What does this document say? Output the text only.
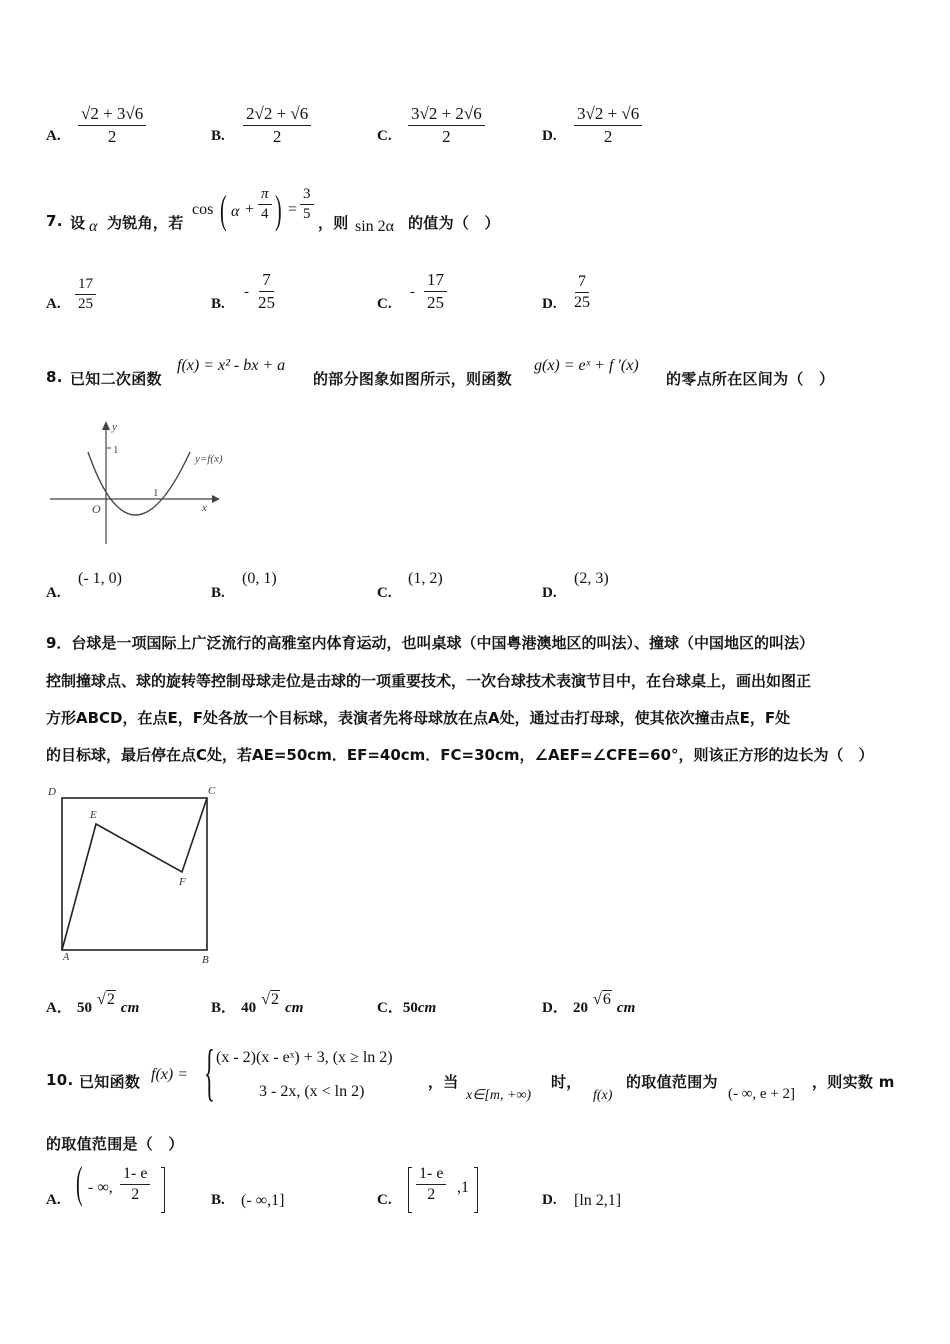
A. $\frac{√2 + 3√6}{2}$	B. $\frac{2√2 + √6}{2}$	C. $\frac{3√2 + 2√6}{2}$	D. $\frac{3√2 + √6}{2}$
7. 设 α 为锐角，若
cos ( $\alpha + \frac{\pi}{4}$ ) = $\frac{3}{5}$ ，则 sin 2α 的值为（　）
A. $\frac{17}{25}$	B.
- $\frac{7}{25}$	C.
- $\frac{17}{25}$	D. $\frac{7}{25}$
8. 已知二次函数
f(x) = x² - bx + a
的部分图象如图所示，则函数
g(x) = eˣ + f ′(x)
的零点所在区间为（　）
y
1
1
O	x
y=f(x)
A.
(- 1, 0)
B.
(0, 1)
C.
(1, 2)
D.
(2, 3)
9．台球是一项国际上广泛流行的高雅室内体育运动，也叫桌球（中国粤港澳地区的叫法）、撞球（中国地区的叫法）
控制撞球点、球的旋转等控制母球走位是击球的一项重要技术，一次台球技术表演节目中，在台球桌上，画出如图正
方形ABCD，在点E，F处各放一个目标球，表演者先将母球放在点A处，通过击打母球，使其依次撞击点E，F处
的目标球，最后停在点C处，若AE=50cm．EF=40cm．FC=30cm，∠AEF=∠CFE=60°，则该正方形的边长为（　）
D	C
E
F
A	B
A． 50 √2 cm	B． 40 √2 cm	C．50cm	D． 20 √6 cm
10. 已知函数 f(x) = { (x - 2)(x - eˣ) + 3, (x ≥ ln 2)
3 - 2x, (x < ln 2)
，当
x∈[m, +∞)
时，
f(x)
的取值范围为
(- ∞, e + 2]
，则实数 m
的取值范围是（　）
A. ( - ∞, $\frac{1- e}{2}$	B. (- ∞,1]	C. $\frac{1- e}{2} ,1$
D. [ln 2,1]
